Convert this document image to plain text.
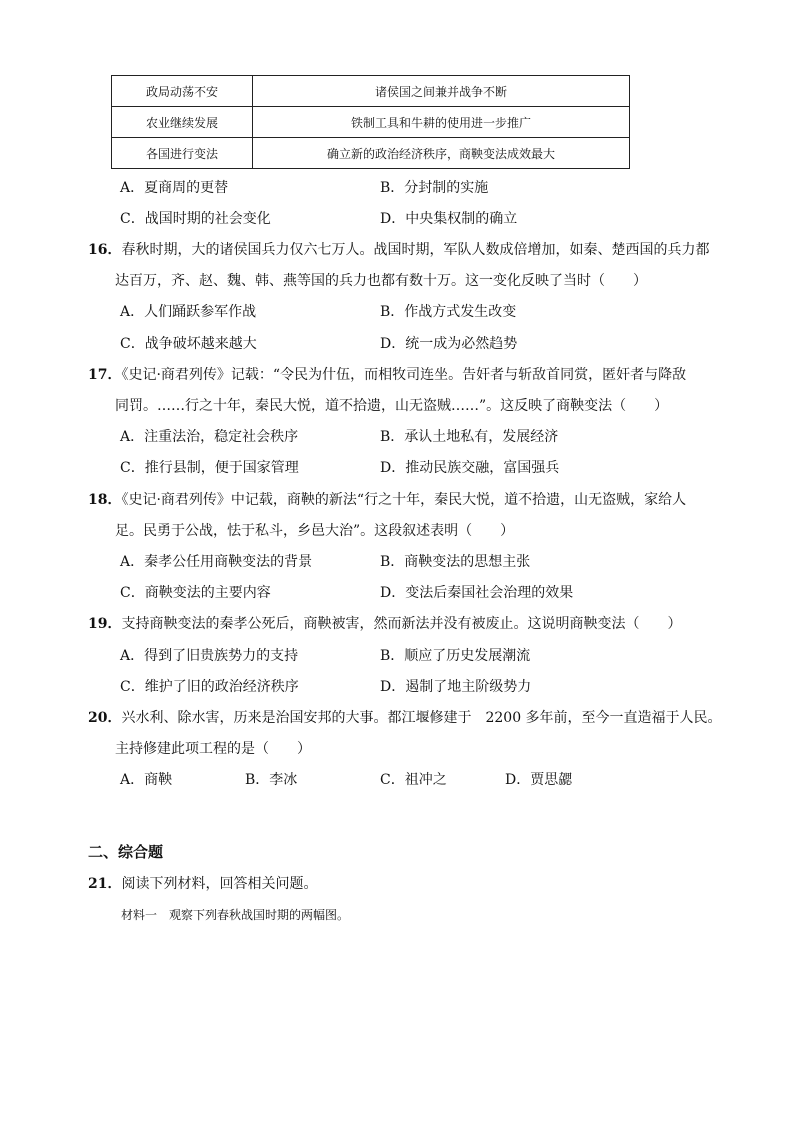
政局动荡不安	诸侯国之间兼并战争不断
农业继续发展	铁制工具和牛耕的使用进一步推广
各国进行变法	确立新的政治经济秩序，商鞅变法成效最大
A．夏商周的更替	B．分封制的实施
C．战国时期的社会变化	D．中央集权制的确立
16．春秋时期，大的诸侯国兵力仅六七万人。战国时期，军队人数成倍增加，如秦、楚西国的兵力都
达百万，齐、赵、魏、韩、燕等国的兵力也都有数十万。这一变化反映了当时（　　）
A．人们踊跃参军作战	B．作战方式发生改变
C．战争破坏越来越大	D．统一成为必然趋势
17．《史记·商君列传》记载：“令民为什伍，而相牧司连坐。告奸者与斩敌首同赏，匿奸者与降敌
同罚。……行之十年，秦民大悦，道不拾遗，山无盗贼……”。这反映了商鞅变法（　　）
A．注重法治，稳定社会秩序	B．承认土地私有，发展经济
C．推行县制，便于国家管理	D．推动民族交融，富国强兵
18．《史记·商君列传》中记载，商鞅的新法“行之十年，秦民大悦，道不拾遗，山无盗贼，家给人
足。民勇于公战，怯于私斗，乡邑大治”。这段叙述表明（　　）
A．秦孝公任用商鞅变法的背景	B．商鞅变法的思想主张
C．商鞅变法的主要内容	D．变法后秦国社会治理的效果
19．支持商鞅变法的秦孝公死后，商鞅被害，然而新法并没有被废止。这说明商鞅变法（　　）
A．得到了旧贵族势力的支持	B．顺应了历史发展潮流
C．维护了旧的政治经济秩序	D．遏制了地主阶级势力
20．兴水利、除水害，历来是治国安邦的大事。都江堰修建于　2200 多年前，至今一直造福于人民。
主持修建此项工程的是（　　）
A．商鞅	B．李冰	C．祖冲之	D．贾思勰
二、综合题
21．阅读下列材料，回答相关问题。
材料一　观察下列春秋战国时期的两幅图。
